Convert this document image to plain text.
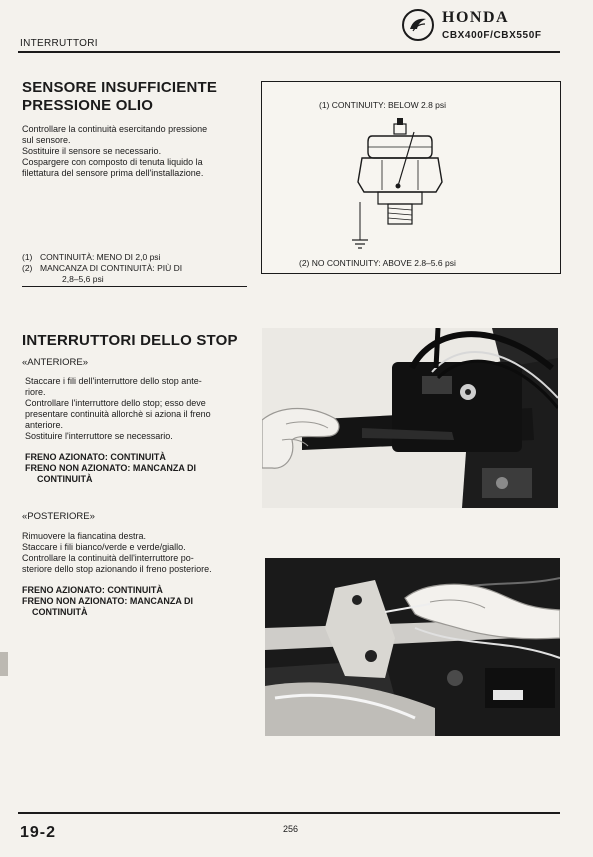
INTERRUTTORI
HONDA
CBX400F/CBX550F
SENSORE INSUFFICIENTE
PRESSIONE OLIO

Controllare la continuità esercitando pressione

sul sensore.

Sostituire il sensore se necessario.

Cospargere con composto di tenuta liquido la

filettatura del sensore prima dell'installazione.

(1) CONTINUITY: BELOW 2.8 psi
(2) NO CONTINUITY: ABOVE 2.8–5.6 psi
(1) CONTINUITÀ: MENO DI 2,0 psi
(2) MANCANZA DI CONTINUITÀ: PIÙ DI
2,8–5,6 psi
INTERRUTTORI DELLO STOP
«ANTERIORE»

Staccare i fili dell'interruttore dello stop ante-

riore.

Controllare l'interruttore dello stop; esso deve

presentare continuità allorchè si aziona il freno

anteriore.

Sostituire l'interruttore se necessario.

FRENO AZIONATO: CONTINUITÀ

FRENO NON AZIONATO: MANCANZA DI

CONTINUITÀ

«POSTERIORE»

Rimuovere la fiancatina destra.

Staccare i fili bianco/verde e verde/giallo.

Controllare la continuità dell'interruttore po-

steriore dello stop azionando il freno posteriore.

FRENO AZIONATO: CONTINUITÀ

FRENO NON AZIONATO: MANCANZA DI

CONTINUITÀ

19-2	256
